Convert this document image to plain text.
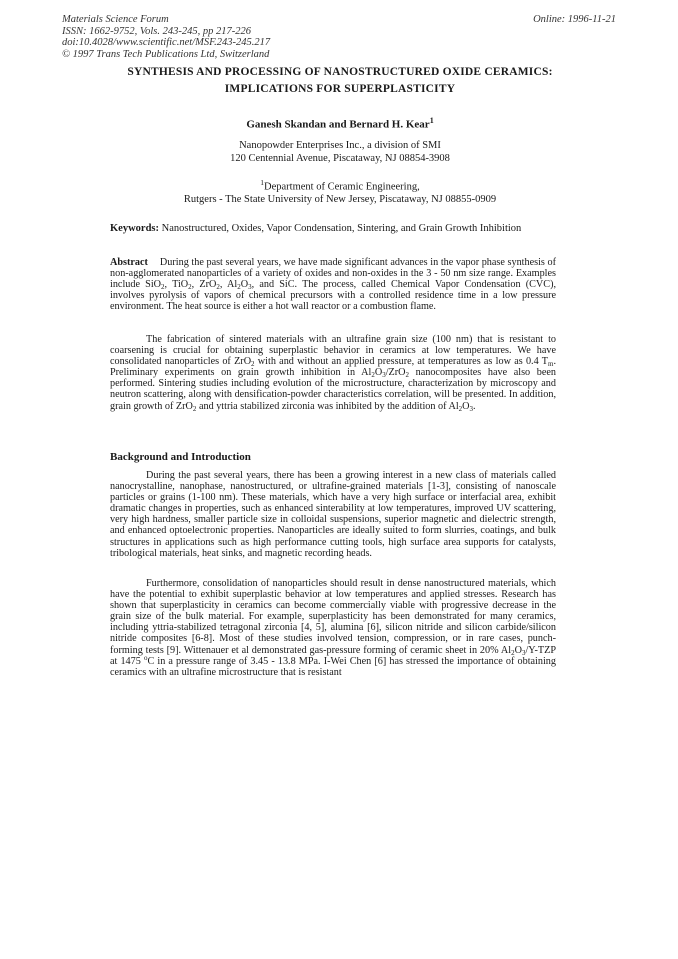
Materials Science Forum
ISSN: 1662-9752, Vols. 243-245, pp 217-226
doi:10.4028/www.scientific.net/MSF.243-245.217
© 1997 Trans Tech Publications Ltd, Switzerland
Online: 1996-11-21
SYNTHESIS AND PROCESSING OF NANOSTRUCTURED OXIDE CERAMICS:
IMPLICATIONS FOR SUPERPLASTICITY
Ganesh Skandan and Bernard H. Kear$^1$
Nanopowder Enterprises Inc., a division of SMI
120 Centennial Avenue, Piscataway, NJ 08854-3908
$^1$Department of Ceramic Engineering,
Rutgers - The State University of New Jersey, Piscataway, NJ 08855-0909
Keywords: Nanostructured, Oxides, Vapor Condensation, Sintering, and Grain Growth Inhibition

Abstract During the past several years, we have made significant advances in the vapor phase synthesis of non-agglomerated nanoparticles of a variety of oxides and non-oxides in the 3 - 50 nm size range. Examples include SiO$_2$, TiO$_2$, ZrO$_2$, $Al_2O_3$, and SiC. The process, called Chemical Vapor Condensation (CVC), involves pyrolysis of vapors of chemical precursors with a controlled residence time in a low pressure environment. The heat source is either a hot wall reactor or a combustion flame.

The fabrication of sintered materials with an ultrafine grain size (100 nm) that is resistant to coarsening is crucial for obtaining superplastic behavior in ceramics at low temperatures. We have consolidated nanoparticles of ZrO$_2$ with and without an applied pressure, at temperatures as low as 0.4 $T_m$. Preliminary experiments on grain growth inhibition in $Al_2O_3/ZrO_2$ nanocomposites have also been performed. Sintering studies including evolution of the microstructure, characterization by microscopy and neutron scattering, along with densification-powder characteristics correlation, will be presented. In addition, grain growth of ZrO$_2$ and yttria stabilized zirconia was inhibited by the addition of $Al_2O_3$.

Background and Introduction

During the past several years, there has been a growing interest in a new class of materials called nanocrystalline, nanophase, nanostructured, or ultrafine-grained materials [1-3], consisting of nanoscale particles or grains (1-100 nm). These materials, which have a very high surface or interfacial area, exhibit dramatic changes in properties, such as enhanced sinterability at low temperatures, improved UV scattering, very high hardness, smaller particle size in colloidal suspensions, superior magnetic and dielectric strength, and enhanced optoelectronic properties. Nanoparticles are ideally suited to form slurries, coatings, and bulk structures in applications such as high performance cutting tools, high surface area supports for catalysts, tribological materials, heat sinks, and magnetic recording heads.

Furthermore, consolidation of nanoparticles should result in dense nanostructured materials, which have the potential to exhibit superplastic behavior at low temperatures and applied stresses. Research has shown that superplasticity in ceramics can become commercially viable with progressive decrease in the grain size of the bulk material. For example, superplasticity has been demonstrated for many ceramics, including yttria-stabilized tetragonal zirconia [4, 5], alumina [6], silicon nitride and silicon carbide/silicon nitride composites [6-8]. Most of these studies involved tension, compression, or in rare cases, punch-forming tests [9]. Wittenauer et al demonstrated gas-pressure forming of ceramic sheet in 20% $Al_2O_3/Y$-TZP at 1475 $^o$C in a pressure range of 3.45 - 13.8 MPa. I-Wei Chen [6] has stressed the importance of obtaining ceramics with an ultrafine microstructure that is resistant
